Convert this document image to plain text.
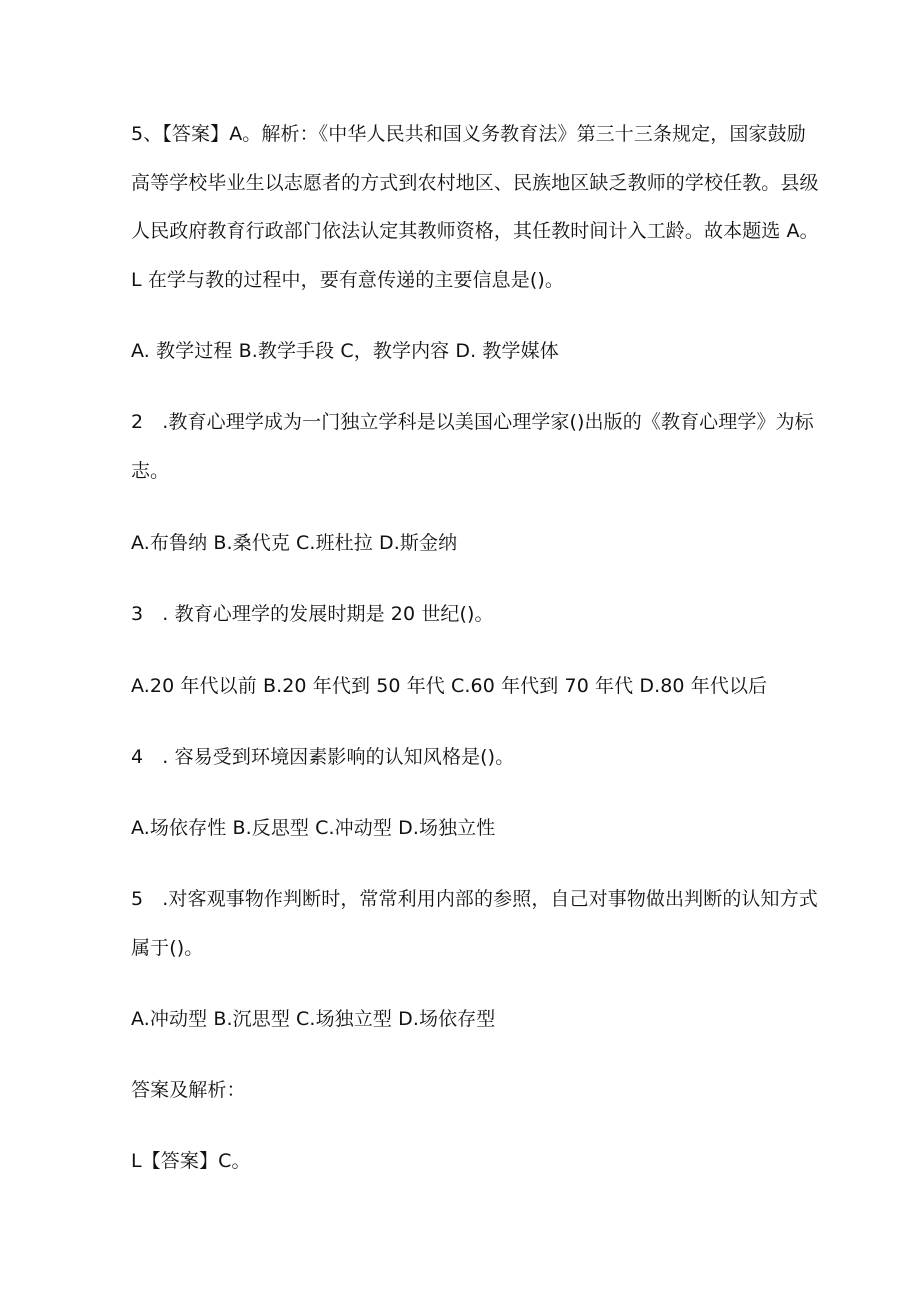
5、【答案】A。解析：《中华人民共和国义务教育法》第三十三条规定，国家鼓励
高等学校毕业生以志愿者的方式到农村地区、民族地区缺乏教师的学校任教。县级
人民政府教育行政部门依法认定其教师资格，其任教时间计入工龄。故本题选 A。
L 在学与教的过程中，要有意传递的主要信息是()。
A. 教学过程 B.教学手段 C，教学内容 D. 教学媒体
2　.教育心理学成为一门独立学科是以美国心理学家()出版的《教育心理学》为标
志。
A.布鲁纳 B.桑代克 C.班杜拉 D.斯金纳
3　. 教育心理学的发展时期是 20 世纪()。
A.20 年代以前 B.20 年代到 50 年代 C.60 年代到 70 年代 D.80 年代以后
4　. 容易受到环境因素影响的认知风格是()。
A.场依存性 B.反思型 C.冲动型 D.场独立性
5　.对客观事物作判断时，常常利用内部的参照，自己对事物做出判断的认知方式
属于()。
A.冲动型 B.沉思型 C.场独立型 D.场依存型
答案及解析：
L【答案】C。
